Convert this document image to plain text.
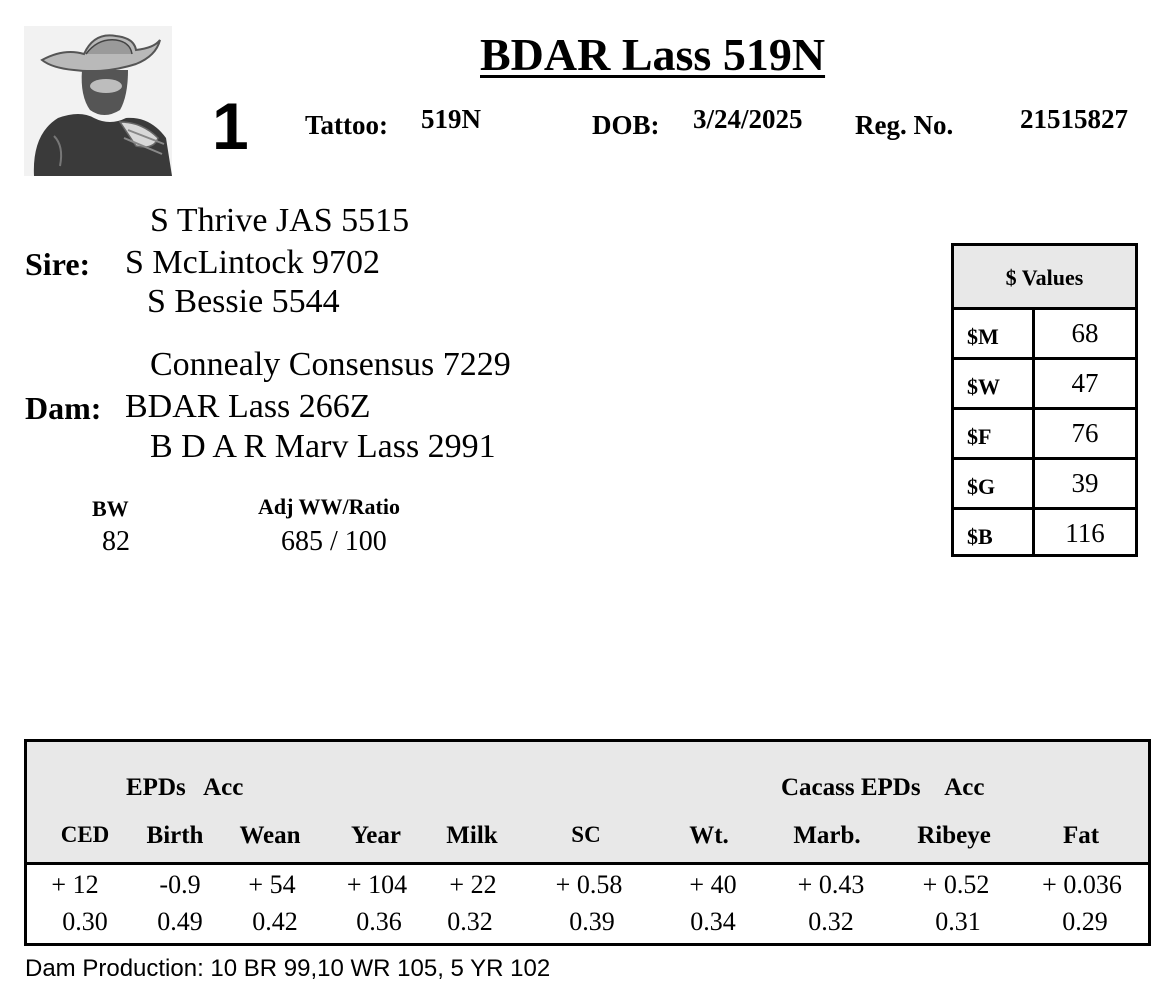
BDAR Lass 519N
1 Tattoo: 519N	DOB: 3/24/2025 Reg. No. 21515827
S Thrive JAS 5515
Sire: S McLintock 9702
S Bessie 5544
Connealy Consensus 7229
Dam: BDAR Lass 266Z
B D A R Marv Lass 2991
BW
82
Adj WW/Ratio
685 / 100
$ Values
$M	68
$W	47
$F	76
$G	39
$B	116
EPDs   Acc	Cacass EPDs    Acc
CED	Birth	Wean	Year	Milk	SC	Wt.	Marb.	Ribeye	Fat
+ 12	-0.9	+ 54	+ 104	+ 22	+ 0.58	+ 40	+ 0.43	+ 0.52	+ 0.036
0.30	0.49	0.42	0.36	0.32	0.39	0.34	0.32	0.31	0.29
Dam Production: 10 BR 99,10 WR 105, 5 YR 102
